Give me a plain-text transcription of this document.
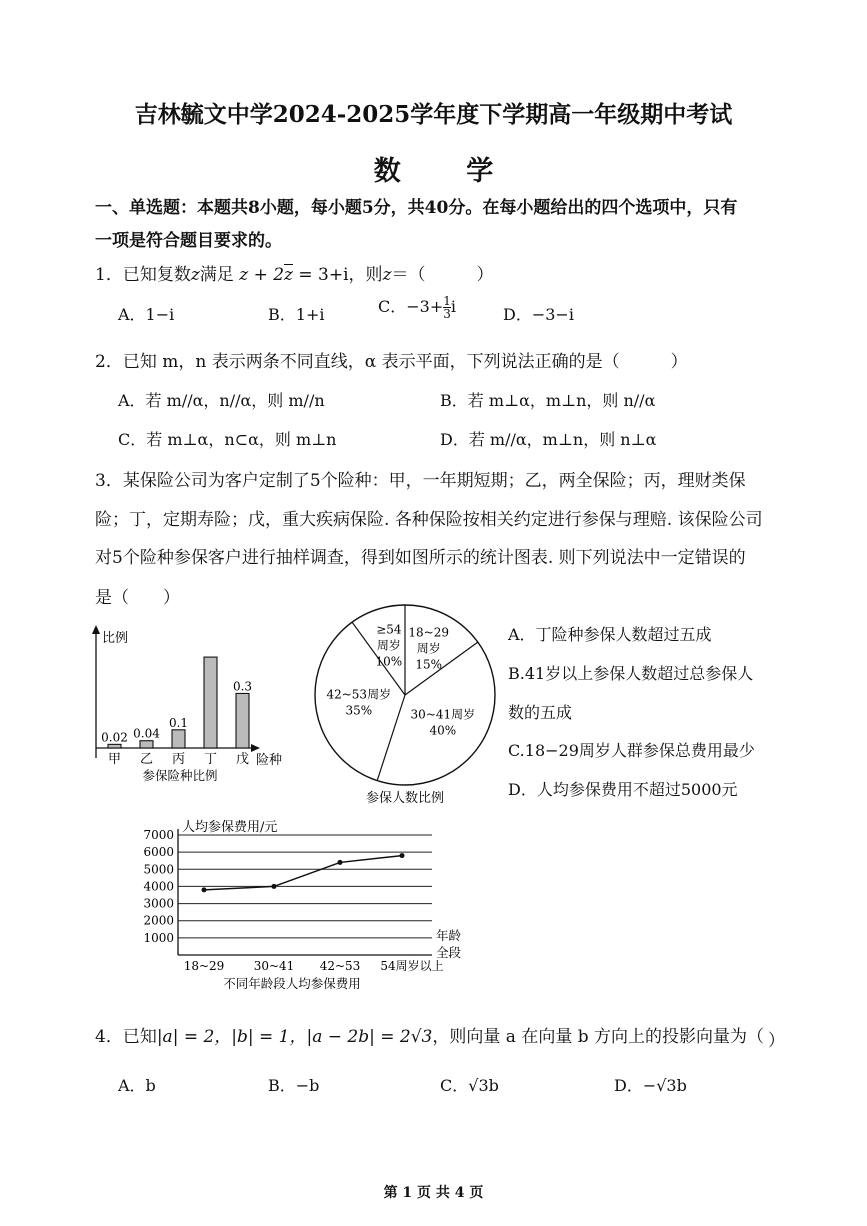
吉林毓文中学2024-2025学年度下学期高一年级期中考试
数 学
一、单选题：本题共8小题，每小题5分，共40分。在每小题给出的四个选项中，只有
一项是符合题目要求的。
1．已知复数z满足 $z + 2\overline{z} = 3+i$，则z＝（　　　）
A．1−i	B．1+i	C．$-3+ \frac{1}{3}$ i	D．−3−i
2．已知 m，n 表示两条不同直线，α 表示平面，下列说法正确的是（　　　）
A．若 m//α，n//α，则 m//n	B．若 m⊥α，m⊥n，则 n//α
C．若 m⊥α，n⊂α，则 m⊥n	D．若 m//α，m⊥n，则 n⊥α
3．某保险公司为客户定制了5个险种：甲，一年期短期；乙，两全保险；丙，理财类保
险；丁，定期寿险；戊，重大疾病保险. 各种保险按相关约定进行参保与理赔. 该保险公司
对5个险种参保客户进行抽样调查，得到如图所示的统计图表. 则下列说法中一定错误的
是（　　）
比例
险种
0.02
甲
0.04
乙
0.1
丙 丁
0.3
戊
参保险种比例
18~29
周岁
15%
30~41周岁
40%
42~53周岁
35%
≥54
周岁
10%
参保人数比例
A．丁险种参保人数超过五成
B.41岁以上参保人数超过总参保人
数的五成
C.18−29周岁人群参保总费用最少
D．人均参保费用不超过5000元
人均参保费用/元
年龄
全段
1000
2000
3000
4000
5000
6000
7000
18~29 30~41 42~53 54周岁以上
不同年龄段人均参保费用
4．已知|a| = 2，|b| = 1，|a − 2b| = 2√3，则向量 a 在向量 b 方向上的投影向量为（ ）
A．b	B．−b	C．√3b	D．−√3b
第 1 页 共 4 页
